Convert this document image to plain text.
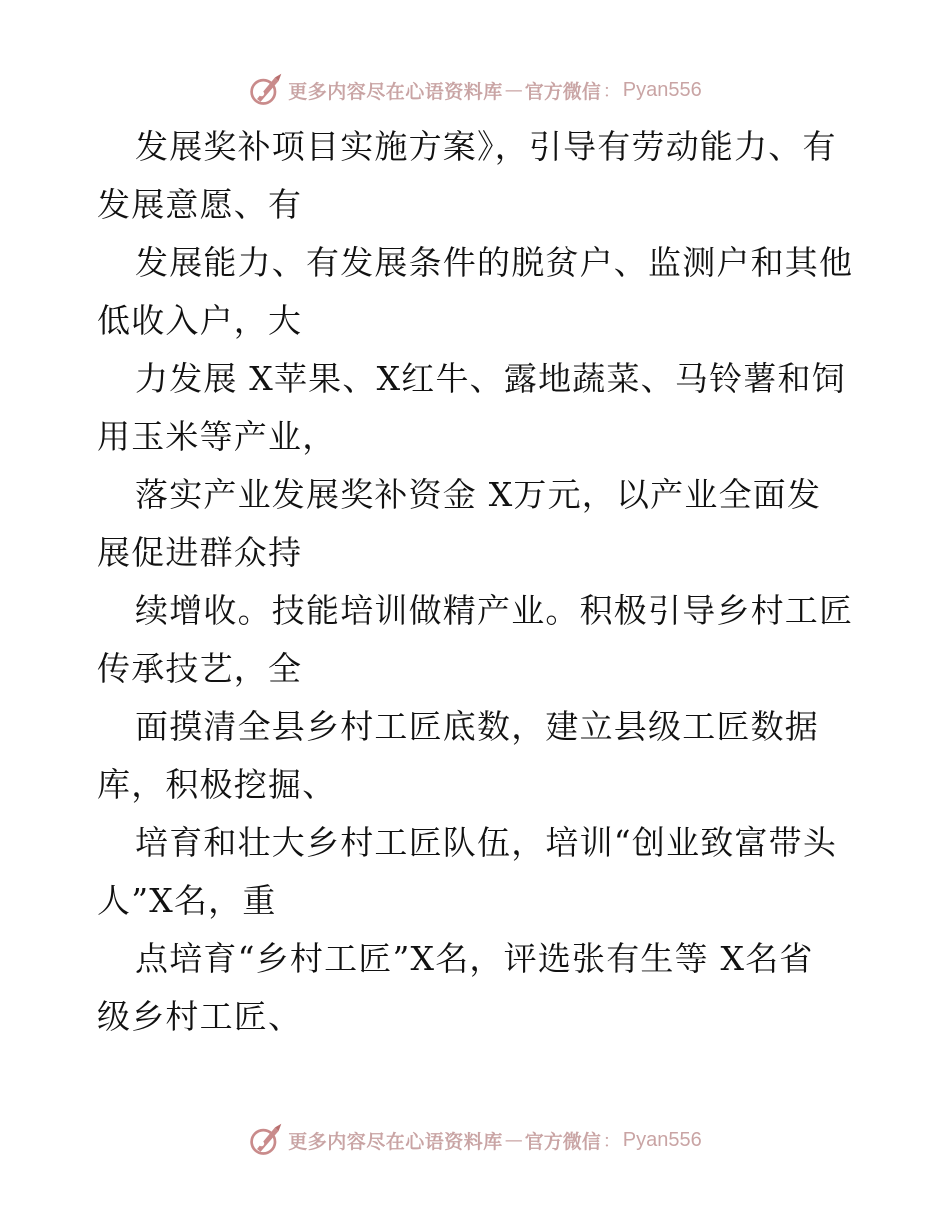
更多内容尽在心语资料库 — 官方微信 ： Pyan556
发展奖补项目实施方案》，引导有劳动能力、有
发展意愿、有
发展能力、有发展条件的脱贫户、监测户和其他
低收入户，大
力发展 X苹果、X红牛、露地蔬菜、马铃薯和饲
用玉米等产业，
落实产业发展奖补资金 X万元，以产业全面发
展促进群众持
续增收。技能培训做精产业。积极引导乡村工匠
传承技艺，全
面摸清全县乡村工匠底数，建立县级工匠数据
库，积极挖掘、
培育和壮大乡村工匠队伍，培训“创业致富带头
人”X名，重
点培育“乡村工匠”X名，评选张有生等 X名省
级乡村工匠、
更多内容尽在心语资料库 — 官方微信 ： Pyan556
